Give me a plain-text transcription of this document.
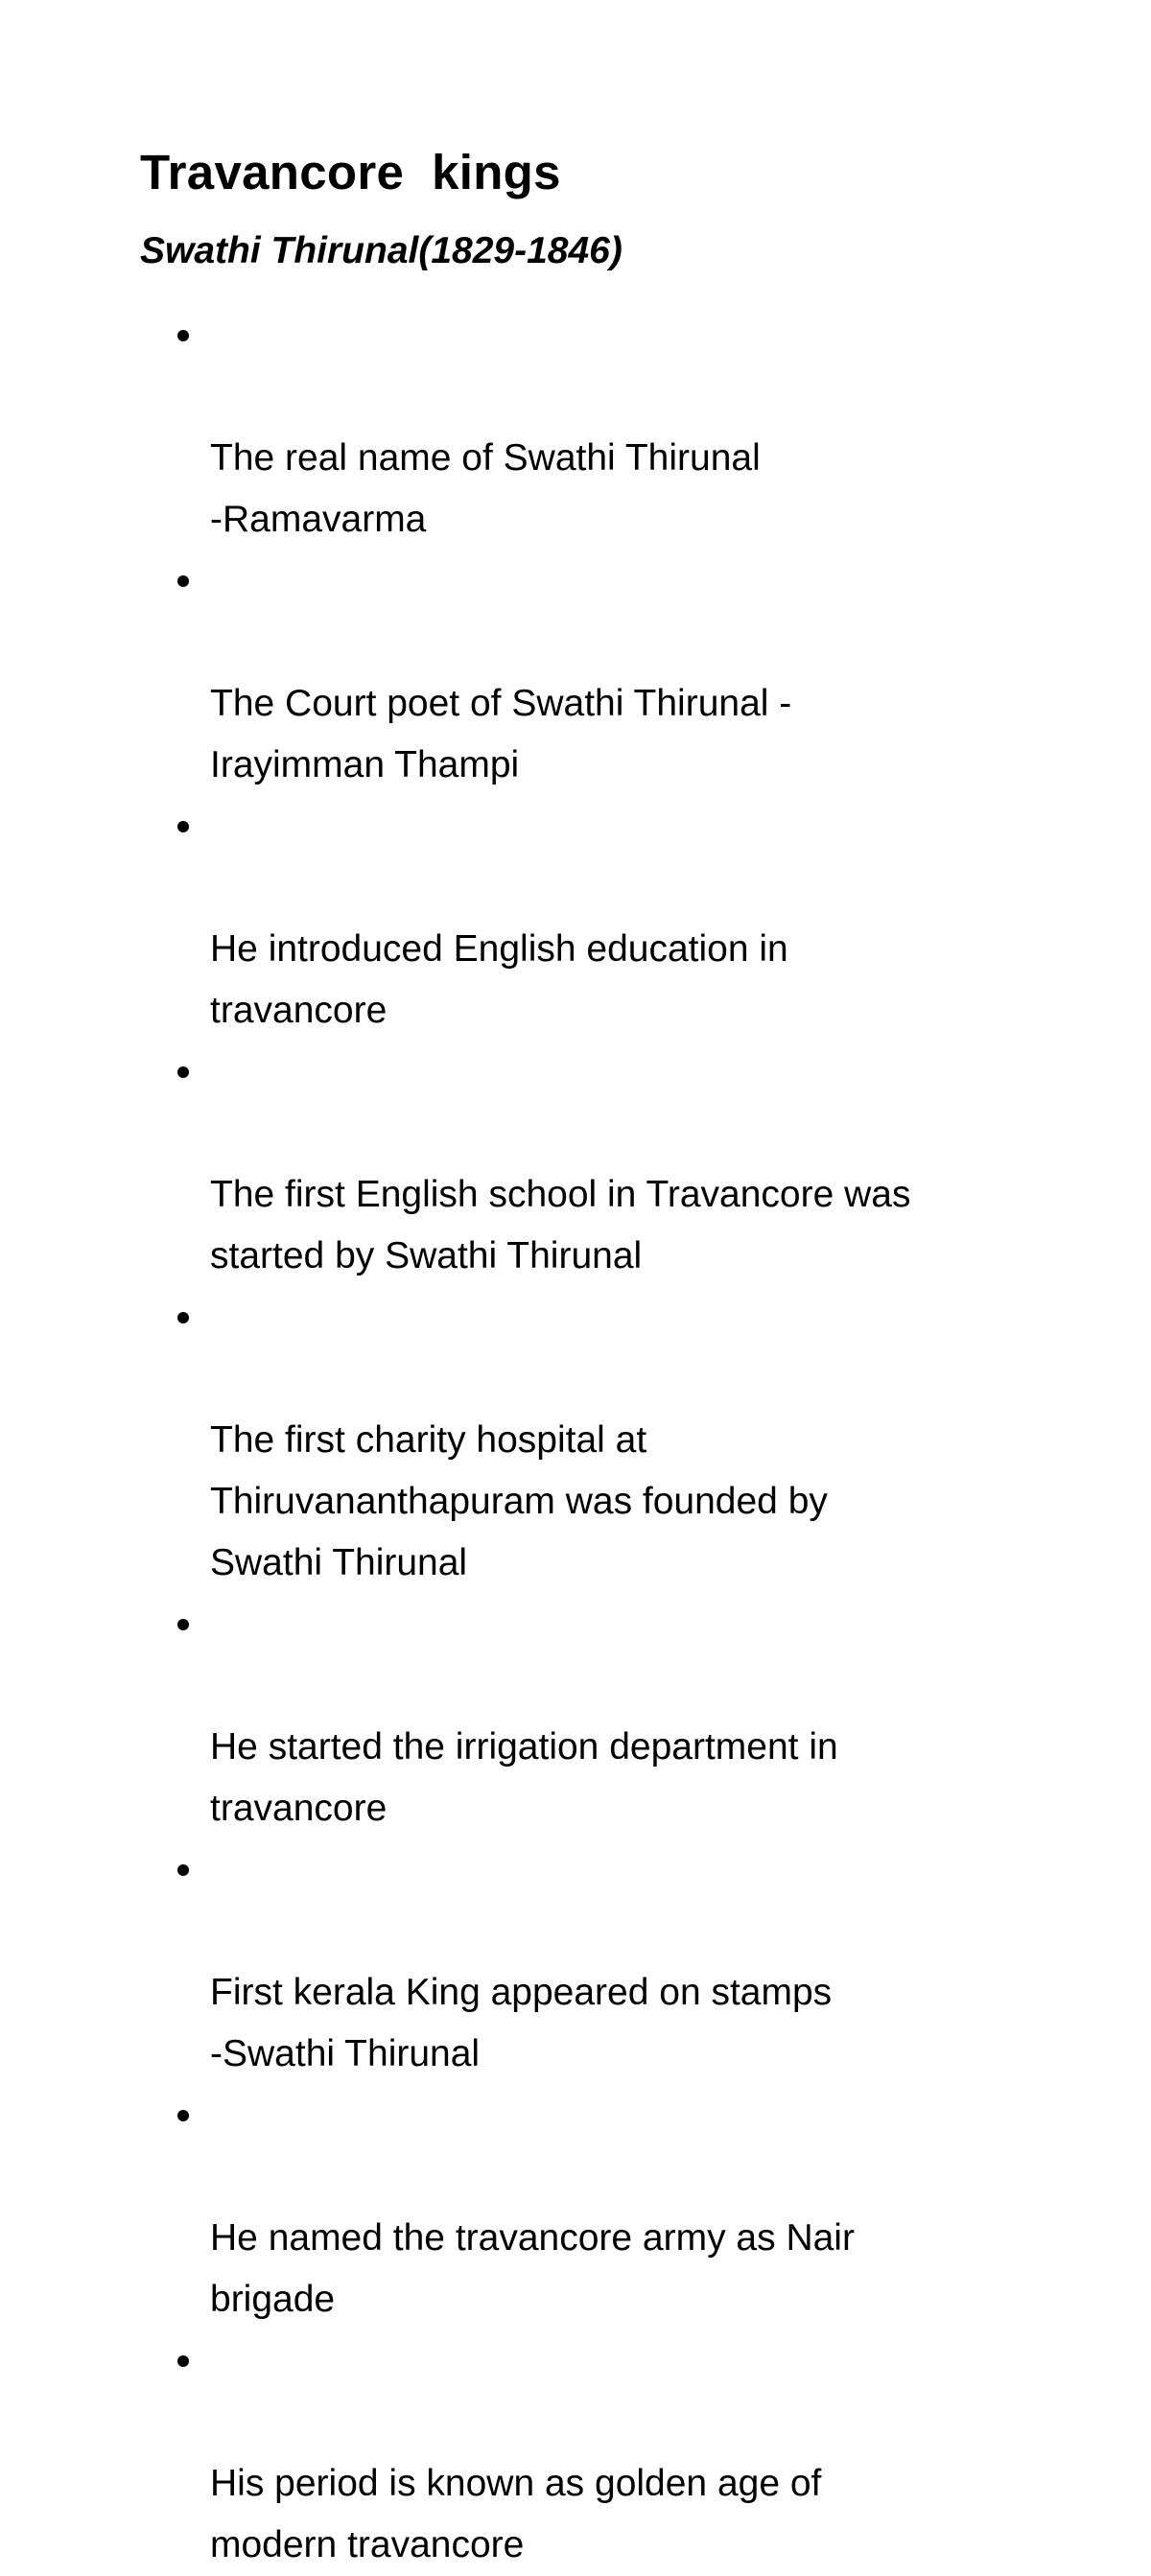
Travancore  kings
Swathi Thirunal(1829-1846)

The real name of Swathi Thirunal
-Ramavarma

The Court poet of Swathi Thirunal -
Irayimman Thampi

He introduced English education in
travancore

The first English school in Travancore was
started by Swathi Thirunal

The first charity hospital at
Thiruvananthapuram was founded by
Swathi Thirunal

He started the irrigation department in
travancore

First kerala King appeared on stamps
-Swathi Thirunal

He named the travancore army as Nair
brigade

His period is known as golden age of
modern travancore
